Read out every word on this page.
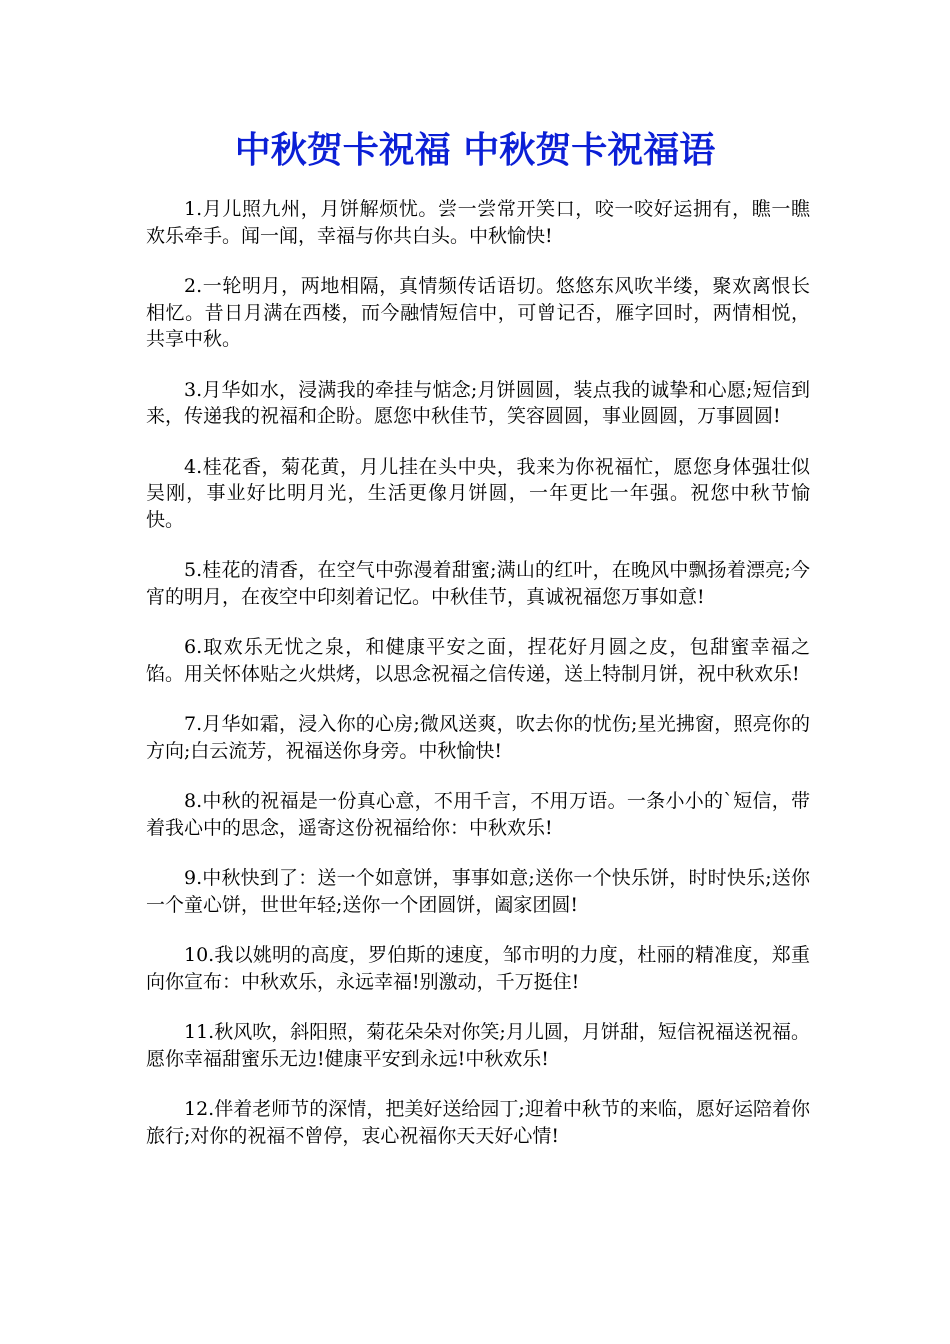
中秋贺卡祝福 中秋贺卡祝福语

1.月儿照九州，月饼解烦忧。尝一尝常开笑口，咬一咬好运拥有，瞧一瞧欢乐牵手。闻一闻，幸福与你共白头。中秋愉快!

2.一轮明月，两地相隔，真情频传话语切。悠悠东风吹半缕，聚欢离恨长相忆。昔日月满在西楼，而今融情短信中，可曾记否，雁字回时，两情相悦，共享中秋。

3.月华如水，浸满我的牵挂与惦念;月饼圆圆，装点我的诚挚和心愿;短信到来，传递我的祝福和企盼。愿您中秋佳节，笑容圆圆，事业圆圆，万事圆圆!

4.桂花香，菊花黄，月儿挂在头中央，我来为你祝福忙，愿您身体强壮似吴刚，事业好比明月光，生活更像月饼圆，一年更比一年强。祝您中秋节愉快。

5.桂花的清香，在空气中弥漫着甜蜜;满山的红叶，在晚风中飘扬着漂亮;今宵的明月，在夜空中印刻着记忆。中秋佳节，真诚祝福您万事如意!

6.取欢乐无忧之泉，和健康平安之面，捏花好月圆之皮，包甜蜜幸福之馅。用关怀体贴之火烘烤，以思念祝福之信传递，送上特制月饼，祝中秋欢乐!

7.月华如霜，浸入你的心房;微风送爽，吹去你的忧伤;星光拂窗，照亮你的方向;白云流芳，祝福送你身旁。中秋愉快!

8.中秋的祝福是一份真心意，不用千言，不用万语。一条小小的`短信，带着我心中的思念，遥寄这份祝福给你：中秋欢乐!

9.中秋快到了：送一个如意饼，事事如意;送你一个快乐饼，时时快乐;送你一个童心饼，世世年轻;送你一个团圆饼，阖家团圆!

10.我以姚明的高度，罗伯斯的速度，邹市明的力度，杜丽的精准度，郑重向你宣布：中秋欢乐，永远幸福!别激动，千万挺住!

11.秋风吹，斜阳照，菊花朵朵对你笑;月儿圆，月饼甜，短信祝福送祝福。愿你幸福甜蜜乐无边!健康平安到永远!中秋欢乐!

12.伴着老师节的深情，把美好送给园丁;迎着中秋节的来临，愿好运陪着你旅行;对你的祝福不曾停，衷心祝福你天天好心情!
